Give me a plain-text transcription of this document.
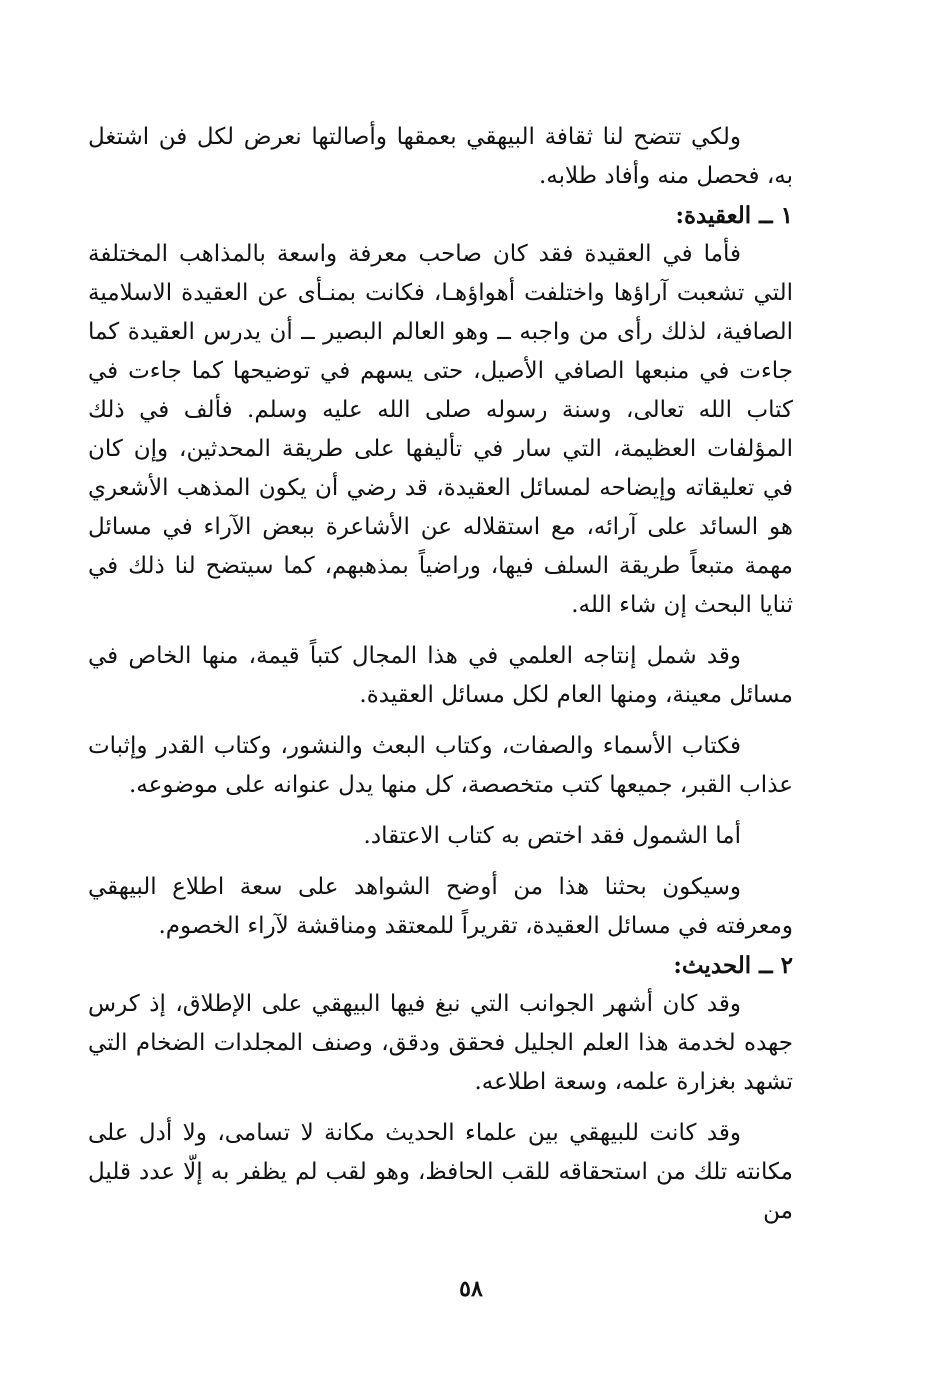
ولكي تتضح لنا ثقافة البيهقي بعمقها وأصالتها نعرض لكل فن اشتغل به، فحصل منه وأفاد طلابه.

١ ــ العقيدة:

فأما في العقيدة فقد كان صاحب معرفة واسعة بالمذاهب المختلفة التي تشعبت آراؤها واختلفت أهواؤهـا، فكانت بمنـأى عن العقيدة الاسلامية الصافية، لذلك رأى من واجبه ــ وهو العالم البصير ــ أن يدرس العقيدة كما جاءت في منبعها الصافي الأصيل، حتى يسهم في توضيحها كما جاءت في كتاب الله تعالى، وسنة رسوله صلى الله عليه وسلم. فألف في ذلك المؤلفات العظيمة، التي سار في تأليفها على طريقة المحدثين، وإن كان في تعليقاته وإيضاحه لمسائل العقيدة، قد رضي أن يكون المذهب الأشعري هو السائد على آرائه، مع استقلاله عن الأشاعرة ببعض الآراء في مسائل مهمة متبعاً طريقة السلف فيها، وراضياً بمذهبهم، كما سيتضح لنا ذلك في ثنايا البحث إن شاء الله.

وقد شمل إنتاجه العلمي في هذا المجال كتباً قيمة، منها الخاص في مسائل معينة، ومنها العام لكل مسائل العقيدة.

فكتاب الأسماء والصفات، وكتاب البعث والنشور، وكتاب القدر وإثبات عذاب القبر، جميعها كتب متخصصة، كل منها يدل عنوانه على موضوعه.

أما الشمول فقد اختص به كتاب الاعتقاد.

وسيكون بحثنا هذا من أوضح الشواهد على سعة اطلاع البيهقي ومعرفته في مسائل العقيدة، تقريراً للمعتقد ومناقشة لآراء الخصوم.

٢ ــ الحديث:

وقد كان أشهر الجوانب التي نبغ فيها البيهقي على الإطلاق، إذ كرس جهده لخدمة هذا العلم الجليل فحقق ودقق، وصنف المجلدات الضخام التي تشهد بغزارة علمه، وسعة اطلاعه.

وقد كانت للبيهقي بين علماء الحديث مكانة لا تسامى، ولا أدل على مكانته تلك من استحقاقه للقب الحافظ، وهو لقب لم يظفر به إلّا عدد قليل من

٥٨
